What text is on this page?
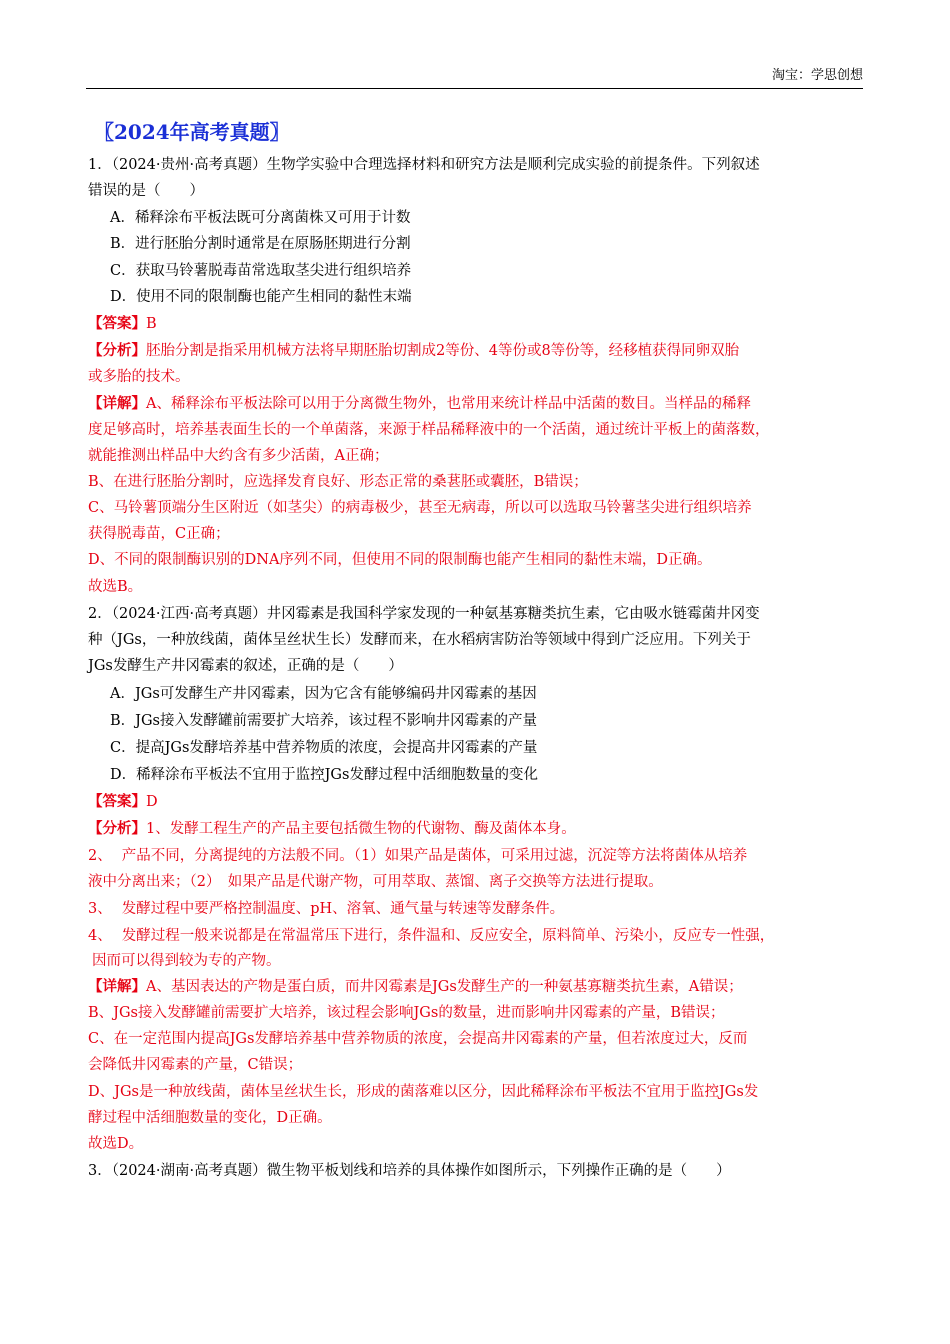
淘宝：学思创想
〖2024年高考真题〗
1．（2024·贵州·高考真题）生物学实验中合理选择材料和研究方法是顺利完成实验的前提条件。下列叙述
错误的是（　　）
A．稀释涂布平板法既可分离菌株又可用于计数
B．进行胚胎分割时通常是在原肠胚期进行分割
C．获取马铃薯脱毒苗常选取茎尖进行组织培养
D．使用不同的限制酶也能产生相同的黏性末端
【答案】B
【分析】胚胎分割是指采用机械方法将早期胚胎切割成2等份、4等份或8等份等，经移植获得同卵双胎
或多胎的技术。
【详解】A、稀释涂布平板法除可以用于分离微生物外，也常用来统计样品中活菌的数目。当样品的稀释
度足够高时，培养基表面生长的一个单菌落，来源于样品稀释液中的一个活菌，通过统计平板上的菌落数，
就能推测出样品中大约含有多少活菌，A正确；
B、在进行胚胎分割时，应选择发育良好、形态正常的桑葚胚或囊胚，B错误；
C、马铃薯顶端分生区附近（如茎尖）的病毒极少，甚至无病毒，所以可以选取马铃薯茎尖进行组织培养
获得脱毒苗，C正确；
D、不同的限制酶识别的DNA序列不同，但使用不同的限制酶也能产生相同的黏性末端，D正确。
故选B。
2．（2024·江西·高考真题）井冈霉素是我国科学家发现的一种氨基寡糖类抗生素，它由吸水链霉菌井冈变
种（JGs，一种放线菌，菌体呈丝状生长）发酵而来，在水稻病害防治等领域中得到广泛应用。下列关于
JGs发酵生产井冈霉素的叙述，正确的是（　　）
A．JGs可发酵生产井冈霉素，因为它含有能够编码井冈霉素的基因
B．JGs接入发酵罐前需要扩大培养，该过程不影响井冈霉素的产量
C．提高JGs发酵培养基中营养物质的浓度，会提高井冈霉素的产量
D．稀释涂布平板法不宜用于监控JGs发酵过程中活细胞数量的变化
【答案】D
【分析】1、发酵工程生产的产品主要包括微生物的代谢物、酶及菌体本身。
2、 产品不同，分离提纯的方法般不同。（1）如果产品是菌体，可采用过滤，沉淀等方法将菌体从培养
液中分离出来；（2）　如果产品是代谢产物，可用萃取、蒸馏、离子交换等方法进行提取。
3、 发酵过程中要严格控制温度、pH、溶氧、通气量与转速等发酵条件。
4、 发酵过程一般来说都是在常温常压下进行，条件温和、反应安全，原料简单、污染小，反应专一性强，
因而可以得到较为专的产物。
【详解】A、基因表达的产物是蛋白质，而井冈霉素是JGs发酵生产的一种氨基寡糖类抗生素，A错误；
B、JGs接入发酵罐前需要扩大培养，该过程会影响JGs的数量，进而影响井冈霉素的产量，B错误；
C、在一定范围内提高JGs发酵培养基中营养物质的浓度，会提高井冈霉素的产量，但若浓度过大，反而
会降低井冈霉素的产量，C错误；
D、JGs是一种放线菌，菌体呈丝状生长，形成的菌落难以区分，因此稀释涂布平板法不宜用于监控JGs发
酵过程中活细胞数量的变化，D正确。
故选D。
3．（2024·湖南·高考真题）微生物平板划线和培养的具体操作如图所示，下列操作正确的是（　　）
